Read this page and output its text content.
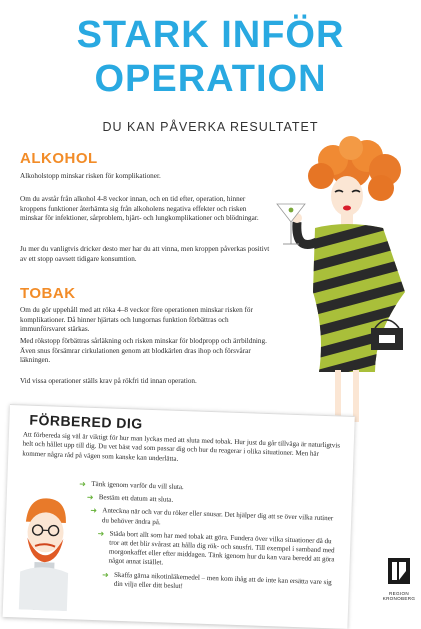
STARK INFÖR
OPERATION
DU KAN PÅVERKA RESULTATET
ALKOHOL

Alkoholstopp minskar risken för komplikationer.

Om du avstår från alkohol 4-8 veckor innan, och en tid efter, operation, hinner kroppens funktioner återhämta sig från alkoholens negativa effekter och risken minskar för infektioner, sårproblem, hjärt- och lungkomplikationer och blödningar.

Ju mer du vanligtvis dricker desto mer har du att vinna, men kroppen påverkas positivt av ett stopp oavsett tidigare konsumtion.

TOBAK

Om du gör uppehåll med att röka 4–8 veckor före operationen minskar risken för komplikationer. Då hinner hjärtats och lungornas funktion förbättras och immunförsvaret stärkas.

Med rökstopp förbättras sårläkning och risken minskar för blodpropp och ärrbildning. Även snus försämrar cirkulationen genom att blodkärlen dras ihop och försvårar läkningen.

Vid vissa operationer ställs krav på rökfri tid innan operation.

FÖRBERED DIG

Att förbereda sig väl är viktigt för hur man lyckas med att sluta med tobak. Hur just du går tillväga är naturligtvis helt och hållet upp till dig. Du vet bäst vad som passar dig och hur du reagerar i olika situationer. Men här kommer några råd på vägen som kanske kan underlätta.

➜ Tänk igenom varför du vill sluta.
➜ Bestäm ett datum att sluta.
➜ Anteckna när och var du röker eller snusar. Det hjälper dig att se över vilka rutiner du behöver ändra på.
➜ Städa bort allt som har med tobak att göra. Fundera över vilka situationer då du tror att det blir svårast att hålla dig rök- och snusfri. Till exempel i samband med morgonkaffet eller efter middagen. Tänk igenom hur du kan vara beredd att göra något annat istället.
➜ Skaffa gärna nikotinläkemedel – men kom ihåg att de inte kan ersätta vare sig din vilja eller ditt beslut!
REGION
KRONOBERG
